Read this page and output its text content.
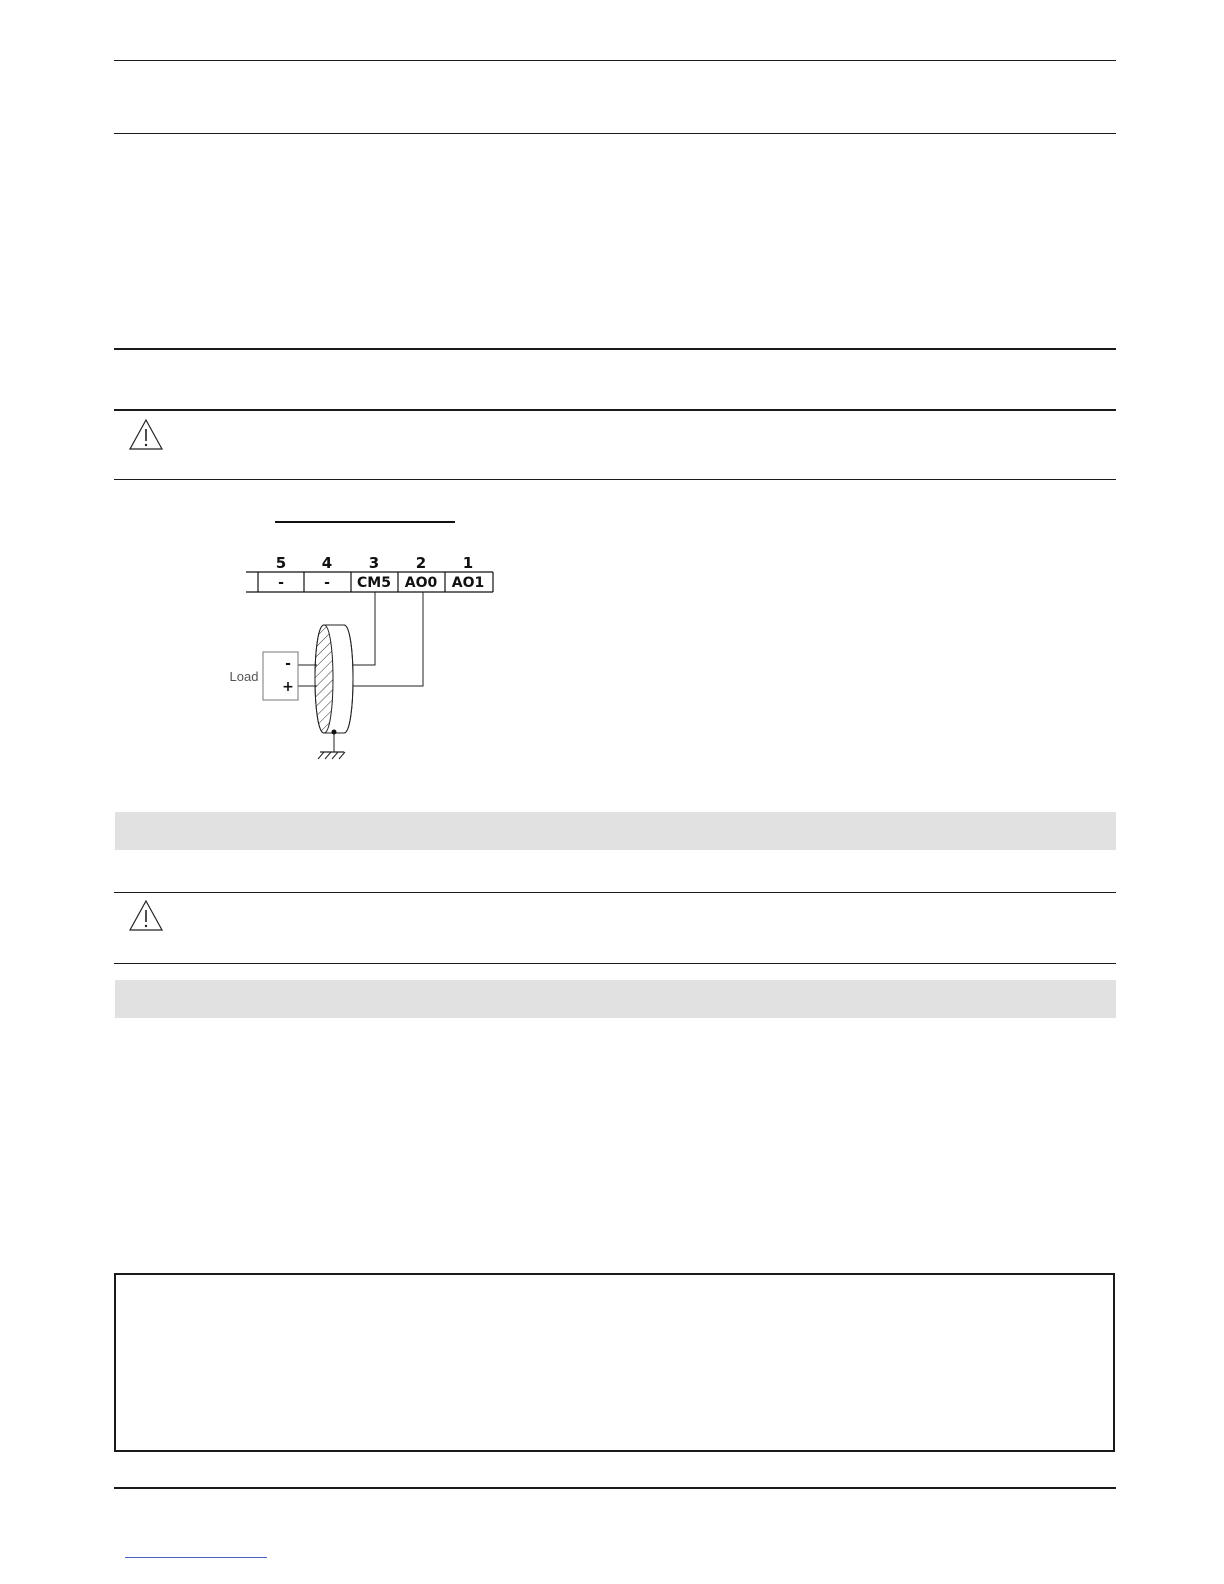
5 4 3 2 1
-	- CM5 AO0 AO1
-
+
Load
